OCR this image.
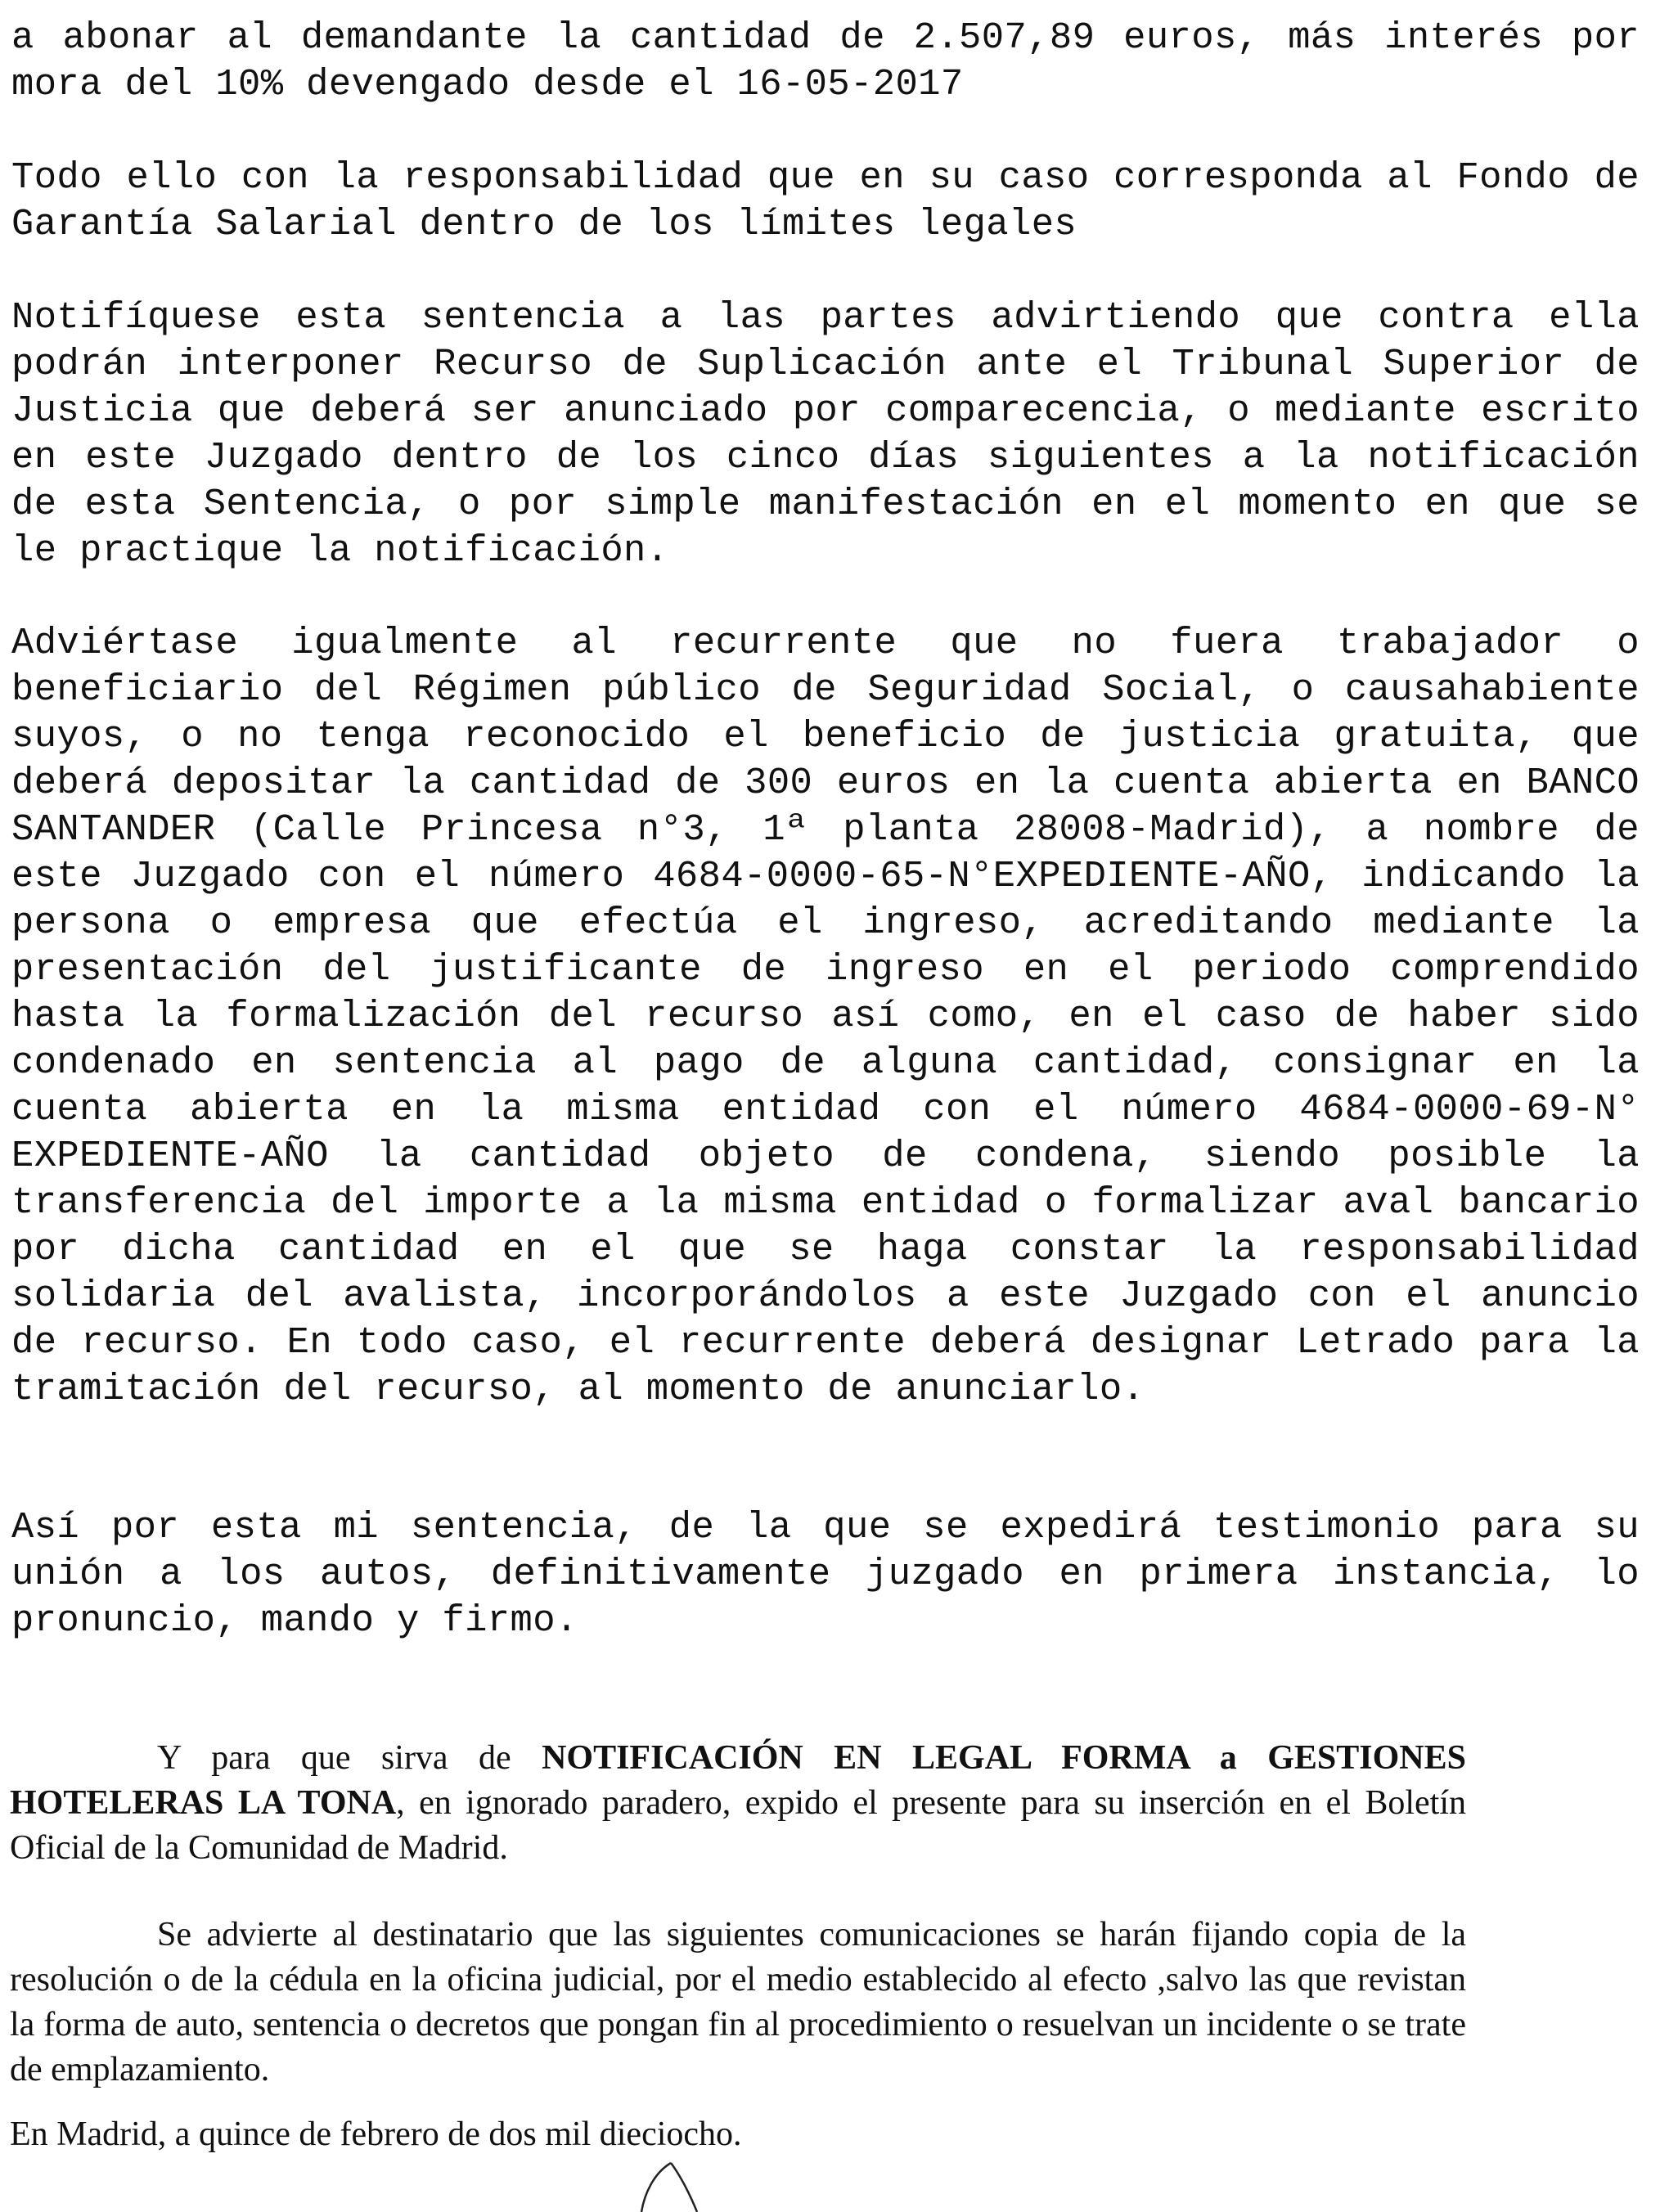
a abonar al demandante la cantidad de 2.507,89 euros, más interés por mora del 10% devengado desde el 16-05-2017

Todo ello con la responsabilidad que en su caso corresponda al Fondo de Garantía Salarial dentro de los límites legales

Notifíquese esta sentencia a las partes advirtiendo que contra ella podrán interponer Recurso de Suplicación ante el Tribunal Superior de Justicia que deberá ser anunciado por comparecencia, o mediante escrito en este Juzgado dentro de los cinco días siguientes a la notificación de esta Sentencia, o por simple manifestación en el momento en que se le practique la notificación.

Adviértase igualmente al recurrente que no fuera trabajador o beneficiario del Régimen público de Seguridad Social, o causahabiente suyos, o no tenga reconocido el beneficio de justicia gratuita, que deberá depositar la cantidad de 300 euros en la cuenta abierta en BANCO SANTANDER (Calle Princesa n°3, 1ª planta 28008-Madrid), a nombre de este Juzgado con el número 4684-0000-65-N°EXPEDIENTE-AÑO, indicando la persona o empresa que efectúa el ingreso, acreditando mediante la presentación del justificante de ingreso en el periodo comprendido hasta la formalización del recurso así como, en el caso de haber sido condenado en sentencia al pago de alguna cantidad, consignar en la cuenta abierta en la misma entidad con el número 4684-0000-69-N° EXPEDIENTE-AÑO la cantidad objeto de condena, siendo posible la transferencia del importe a la misma entidad o formalizar aval bancario por dicha cantidad en el que se haga constar la responsabilidad solidaria del avalista, incorporándolos a este Juzgado con el anuncio de recurso. En todo caso, el recurrente deberá designar Letrado para la tramitación del recurso, al momento de anunciarlo.

Así por esta mi sentencia, de la que se expedirá testimonio para su unión a los autos, definitivamente juzgado en primera instancia, lo pronuncio, mando y firmo.

Y para que sirva de NOTIFICACIÓN EN LEGAL FORMA a GESTIONES HOTELERAS LA TONA, en ignorado paradero, expido el presente para su inserción en el Boletín Oficial de la Comunidad de Madrid.

Se advierte al destinatario que las siguientes comunicaciones se harán fijando copia de la resolución o de la cédula en la oficina judicial, por el medio establecido al efecto ,salvo las que revistan la forma de auto, sentencia o decretos que pongan fin al procedimiento o resuelvan un incidente o se trate de emplazamiento.

En Madrid, a quince de febrero de dos mil dieciocho.
